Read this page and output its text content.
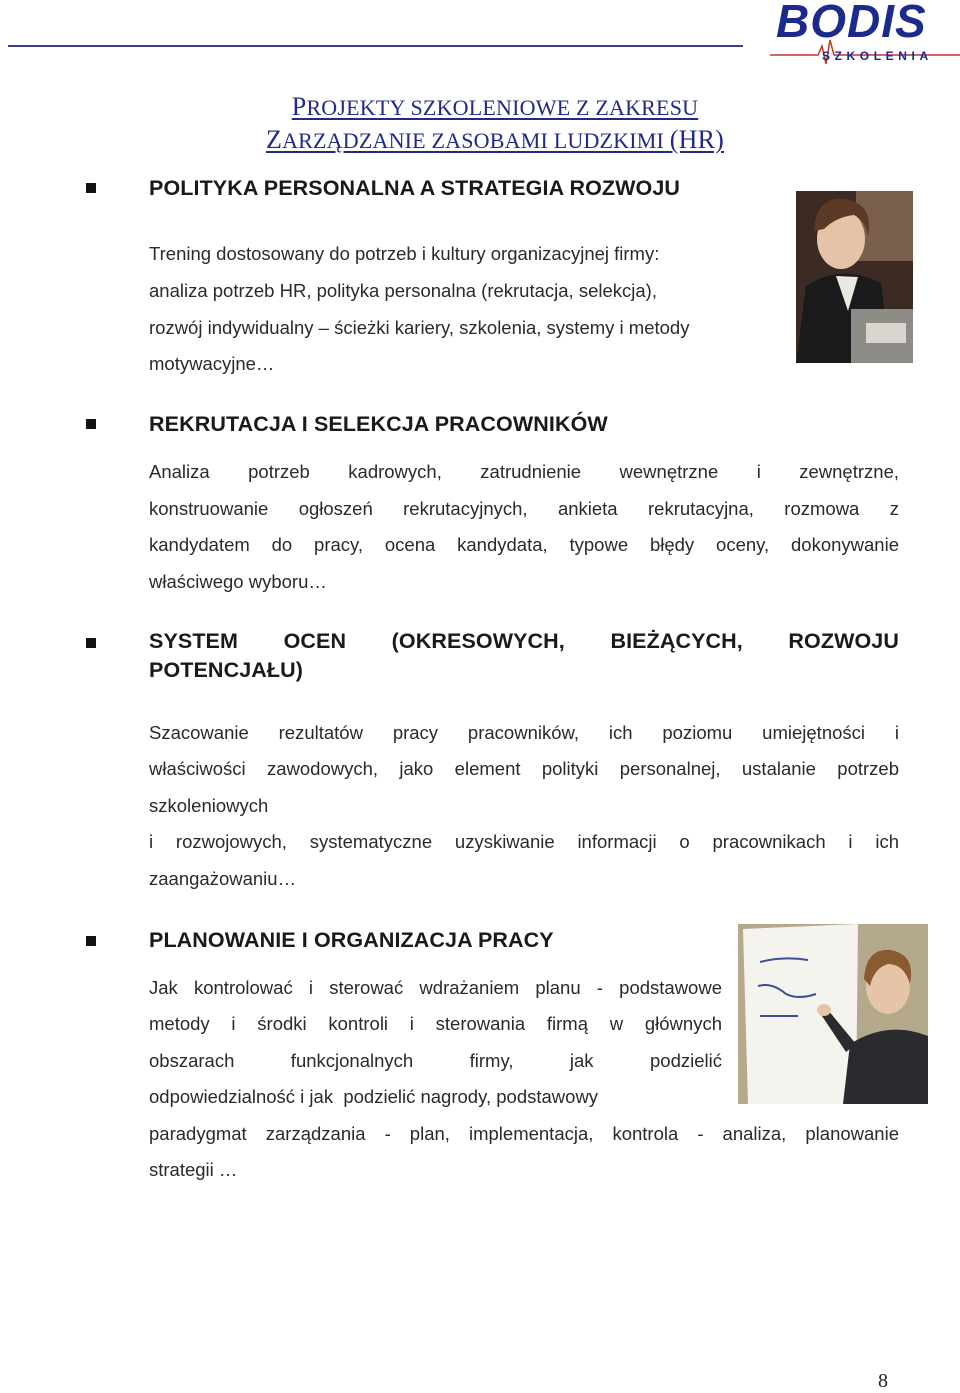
BODIS
SZKOLENIA
PROJEKTY SZKOLENIOWE Z ZAKRESU
ZARZĄDZANIE ZASOBAMI LUDZKIMI (HR)
POLITYKA PERSONALNA A STRATEGIA ROZWOJU
Trening dostosowany do potrzeb i kultury organizacyjnej firmy:
analiza potrzeb HR, polityka personalna (rekrutacja, selekcja),
rozwój indywidualny – ścieżki kariery, szkolenia, systemy i metody
motywacyjne…
REKRUTACJA I SELEKCJA PRACOWNIKÓW
Analiza potrzeb kadrowych, zatrudnienie wewnętrzne i zewnętrzne,
konstruowanie ogłoszeń rekrutacyjnych, ankieta rekrutacyjna, rozmowa z
kandydatem do pracy, ocena kandydata, typowe błędy oceny, dokonywanie
właściwego wyboru…
SYSTEM OCEN (OKRESOWYCH, BIEŻĄCYCH, ROZWOJU
POTENCJAŁU)
Szacowanie rezultatów pracy pracowników, ich poziomu umiejętności i
właściwości zawodowych, jako element polityki personalnej, ustalanie potrzeb
szkoleniowych
i rozwojowych, systematyczne uzyskiwanie informacji o pracownikach i ich
zaangażowaniu…
PLANOWANIE I ORGANIZACJA PRACY
Jak kontrolować i sterować wdrażaniem planu - podstawowe
metody i środki kontroli i sterowania firmą w głównych
obszarach funkcjonalnych firmy, jak podzielić
odpowiedzialność i jak  podzielić nagrody, podstawowy
paradygmat zarządzania - plan, implementacja, kontrola - analiza, planowanie
strategii …
8
